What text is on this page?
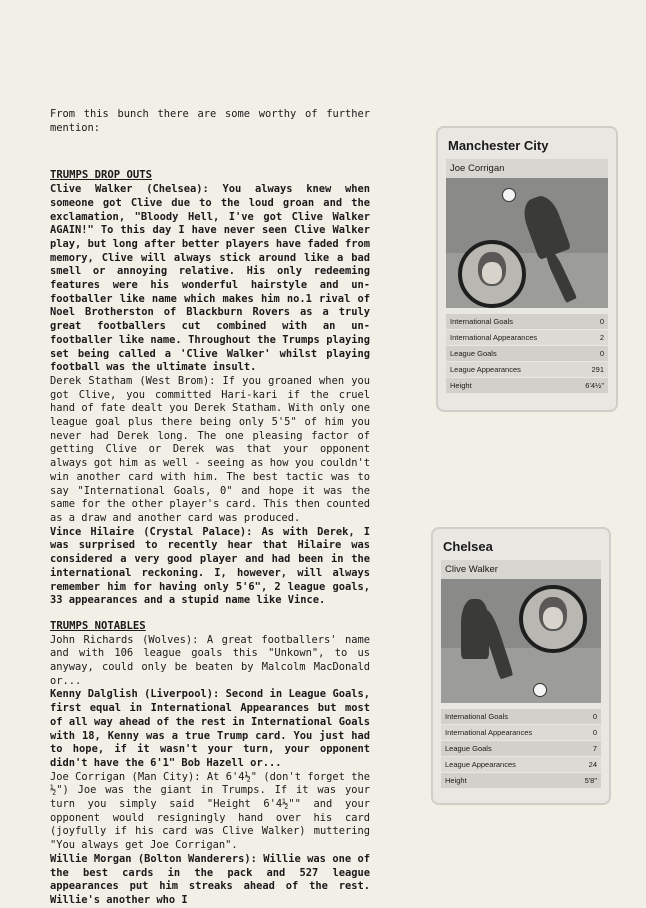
From this bunch there are some worthy of further mention:

TRUMPS DROP OUTS

Clive Walker (Chelsea): You always knew when someone got Clive due to the loud groan and the exclamation, "Bloody Hell, I've got Clive Walker AGAIN!" To this day I have never seen Clive Walker play, but long after better players have faded from memory, Clive will always stick around like a bad smell or annoying relative. His only redeeming features were his wonderful hairstyle and un-footballer like name which makes him no.1 rival of Noel Brotherston of Blackburn Rovers as a truly great footballers cut combined with an un-footballer like name. Throughout the Trumps playing set being called a 'Clive Walker' whilst playing football was the ultimate insult.

Derek Statham (West Brom): If you groaned when you got Clive, you committed Hari-kari if the cruel hand of fate dealt you Derek Statham. With only one league goal plus there being only 5'5" of him you never had Derek long. The one pleasing factor of getting Clive or Derek was that your opponent always got him as well - seeing as how you couldn't win another card with him. The best tactic was to say "International Goals, 0" and hope it was the same for the other player's card. This then counted as a draw and another card was produced.

Vince Hilaire (Crystal Palace): As with Derek, I was surprised to recently hear that Hilaire was considered a very good player and had been in the international reckoning. I, however, will always remember him for having only 5'6", 2 league goals, 33 appearances and a stupid name like Vince.

TRUMPS NOTABLES

John Richards (Wolves): A great footballers' name and with 106 league goals this "Unkown", to us anyway, could only be beaten by Malcolm MacDonald or...

Kenny Dalglish (Liverpool): Second in League Goals, first equal in International Appearances but most of all way ahead of the rest in International Goals with 18, Kenny was a true Trump card. You just had to hope, if it wasn't your turn, your opponent didn't have the 6'1" Bob Hazell or...

Joe Corrigan (Man City): At 6'4½" (don't forget the ½") Joe was the giant in Trumps. If it was your turn you simply said "Height 6'4½"" and your opponent would resigningly hand over his card (joyfully if his card was Clive Walker) muttering "You always get Joe Corrigan".

Willie Morgan (Bolton Wanderers): Willie was one of the best cards in the pack and 527 league appearances put him streaks ahead of the rest. Willie's another who I

Manchester City
Joe Corrigan
International Goals	0
International Appearances	2
League Goals	0
League Appearances	291
Height	6'4½"
Chelsea
Clive Walker
International Goals	0
International Appearances	0
League Goals	7
League Appearances	24
Height	5'8"
